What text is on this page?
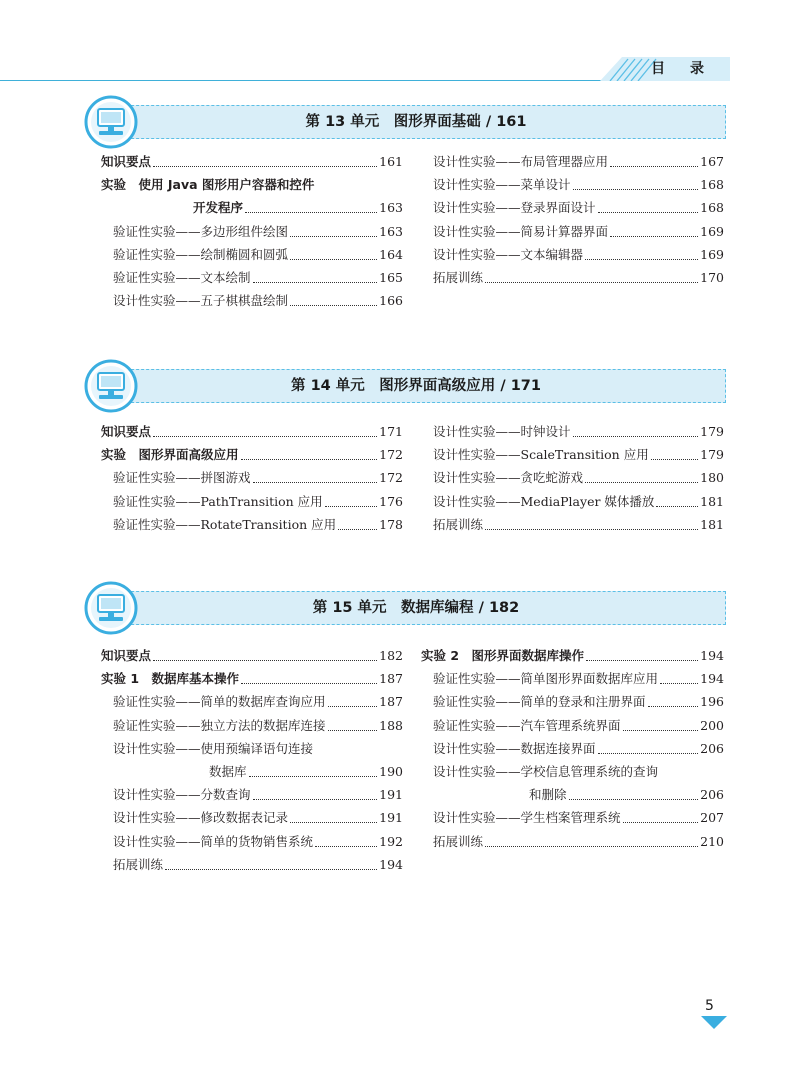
目 录
第 13 单元　图形界面基础 / 161
第 14 单元　图形界面高级应用 / 171
第 15 单元　数据库编程 / 182
知识要点	161
实验　使用 Java 图形用户容器和控件
开发程序	163
验证性实验——多边形组件绘图	163
验证性实验——绘制椭圆和圆弧	164
验证性实验——文本绘制	165
设计性实验——五子棋棋盘绘制	166
设计性实验——布局管理器应用	167
设计性实验——菜单设计	168
设计性实验——登录界面设计	168
设计性实验——简易计算器界面	169
设计性实验——文本编辑器	169
拓展训练	170
知识要点	171
实验　图形界面高级应用	172
验证性实验——拼图游戏	172
验证性实验——PathTransition 应用	176
验证性实验——RotateTransition 应用	178
设计性实验——时钟设计	179
设计性实验——ScaleTransition 应用	179
设计性实验——贪吃蛇游戏	180
设计性实验——MediaPlayer 媒体播放	181
拓展训练	181
知识要点	182
实验 1　数据库基本操作	187
验证性实验——简单的数据库查询应用	187
验证性实验——独立方法的数据库连接	188
设计性实验——使用预编译语句连接
数据库	190
设计性实验——分数查询	191
设计性实验——修改数据表记录	191
设计性实验——简单的货物销售系统	192
拓展训练	194
实验 2　图形界面数据库操作	194
验证性实验——简单图形界面数据库应用	194
验证性实验——简单的登录和注册界面	196
验证性实验——汽车管理系统界面	200
设计性实验——数据连接界面	206
设计性实验——学校信息管理系统的查询
和删除	206
设计性实验——学生档案管理系统	207
拓展训练	210
5
